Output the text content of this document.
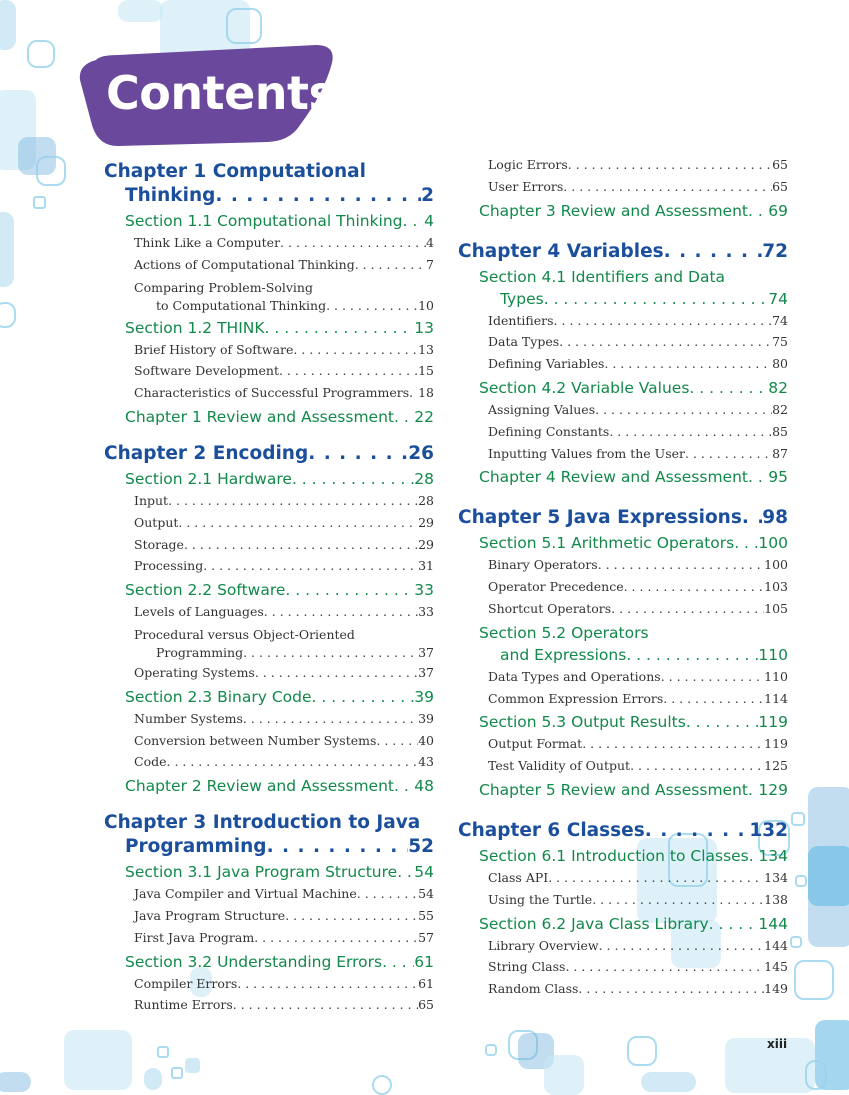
Contents
Chapter 1 Computational
Thinking . . .	2
Section 1.1 Computational Thinking . . . 4
Think Like a Computer . . .	4
Actions of Computational Thinking . . .	7
Comparing Problem-Solving
to Computational Thinking . . .	10
Section 1.2 THINK . . .	13
Brief History of Software . . .	13
Software Development . . .	15
Characteristics of Successful Programmers . . . 18
Chapter 1 Review and Assessment . . . 22
Chapter 2 Encoding . . .	26
Section 2.1 Hardware . . .	28
Input . . .	28
Output . . .	29
Storage . . .	29
Processing . . .	31
Section 2.2 Software . . .	33
Levels of Languages . . .	33
Procedural versus Object-Oriented
Programming . . .	37
Operating Systems . . .	37
Section 2.3 Binary Code . . .	39
Number Systems . . .	39
Conversion between Number Systems . . .	40
Code . . .	43
Chapter 2 Review and Assessment . . . 48
Chapter 3 Introduction to Java
Programming . . .	52
Section 3.1 Java Program Structure . . . 54
Java Compiler and Virtual Machine . . .	54
Java Program Structure . . .	55
First Java Program . . .	57
Section 3.2 Understanding Errors . . . 61
Compiler Errors . . .	61
Runtime Errors . . .	65
Logic Errors . . .	65
User Errors . . .	65
Chapter 3 Review and Assessment . . . 69
Chapter 4 Variables . . .	72
Section 4.1 Identifiers and Data
Types . . .	74
Identifiers . . .	74
Data Types . . .	75
Defining Variables . . .	80
Section 4.2 Variable Values . . .	82
Assigning Values . . .	82
Defining Constants . . .	85
Inputting Values from the User . . .	87
Chapter 4 Review and Assessment . . . 95
Chapter 5 Java Expressions . . . 98
Section 5.1 Arithmetic Operators . . . 100
Binary Operators . . .	100
Operator Precedence . . .	103
Shortcut Operators . . .	105
Section 5.2 Operators
and Expressions . . .	110
Data Types and Operations . . .	110
Common Expression Errors . . .	114
Section 5.3 Output Results . . .	119
Output Format . . .	119
Test Validity of Output . . .	125
Chapter 5 Review and Assessment . . . 129
Chapter 6 Classes . . .	132
Section 6.1 Introduction to Classes . . . 134
Class API . . .	134
Using the Turtle . . .	138
Section 6.2 Java Class Library . . .	144
Library Overview . . .	144
String Class . . .	145
Random Class . . .	149
xiii
